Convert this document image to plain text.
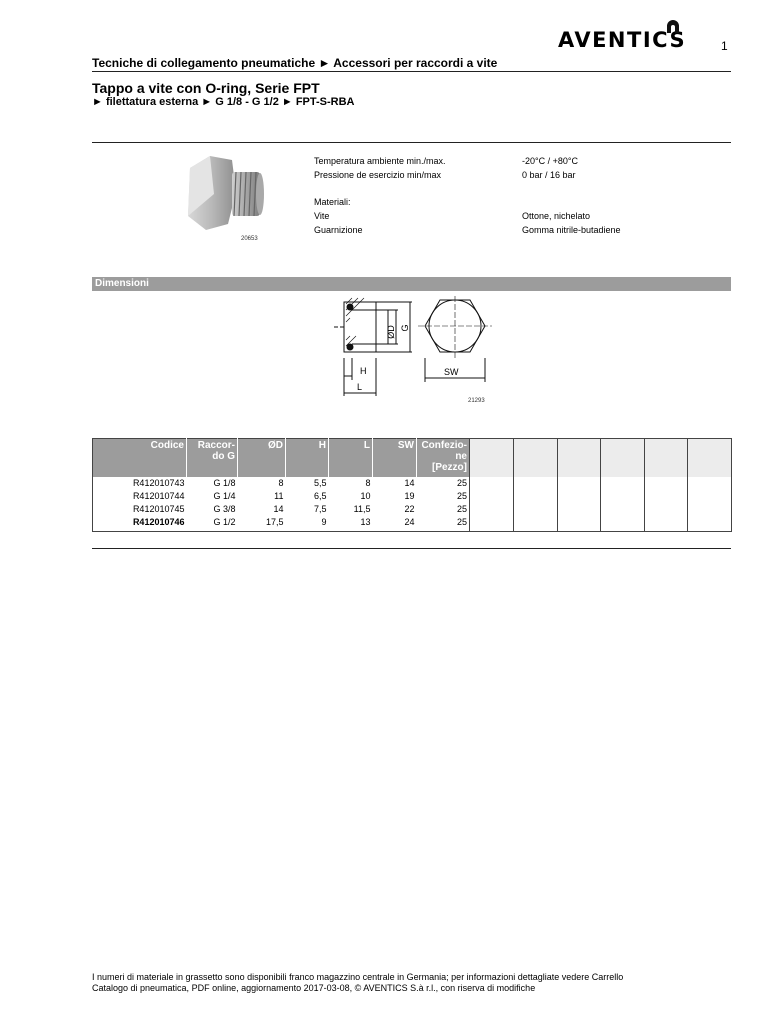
AVENTICS	1
Tecniche di collegamento pneumatiche ► Accessori per raccordi a vite
Tappo a vite con O-ring, Serie FPT
► filettatura esterna ► G 1/8 - G 1/2 ► FPT-S-RBA
20653
Temperatura ambiente min./max.	-20°C / +80°C
Pressione de esercizio min/max	0 bar / 16 bar
Materiali:
Vite	Ottone, nichelato
Guarnizione	Gomma nitrile-butadiene
Dimensioni
ØD G
H
L
SW
21293
Codice	Raccor-do G	ØD	H	L	SW	Confezio-ne [Pezzo]						
R412010743	G 1/8	8	5,5	8	14	25						
R412010744	G 1/4	11	6,5	10	19	25						
R412010745	G 3/8	14	7,5	11,5	22	25						
R412010746	G 1/2	17,5	9	13	24	25						
I numeri di materiale in grassetto sono disponibili franco magazzino centrale in Germania; per informazioni dettagliate vedere Carrello
Catalogo di pneumatica, PDF online, aggiornamento 2017-03-08, © AVENTICS S.à r.l., con riserva di modifiche
